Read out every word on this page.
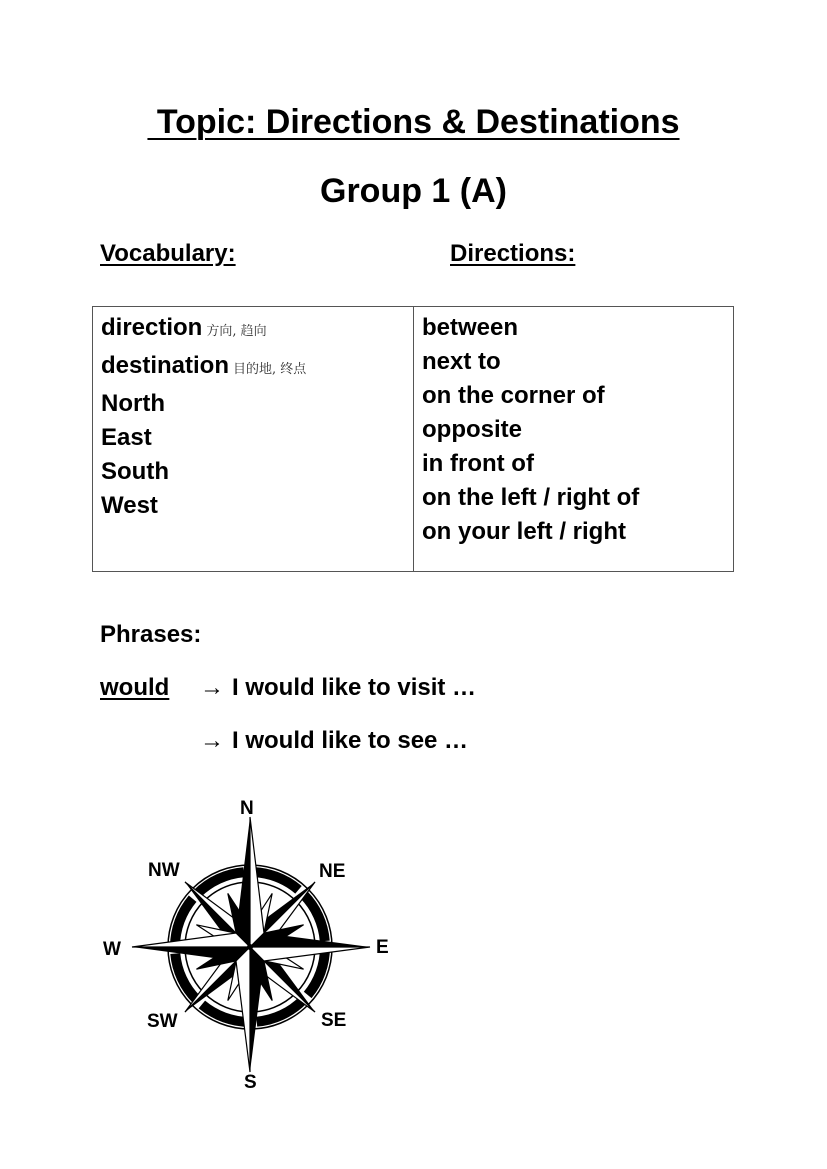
Topic: Directions & Destinations
Group 1 (A)
Vocabulary:	Directions:
direction 方向, 趋向
destination 目的地, 终点
North
East
South
West
between
next to
on the corner of
opposite
in front of
on the left / right of
on your left / right
Phrases:
would → I would like to visit …
→ I would like to see …
N
NE
E
SE
S
SW
W
NW
